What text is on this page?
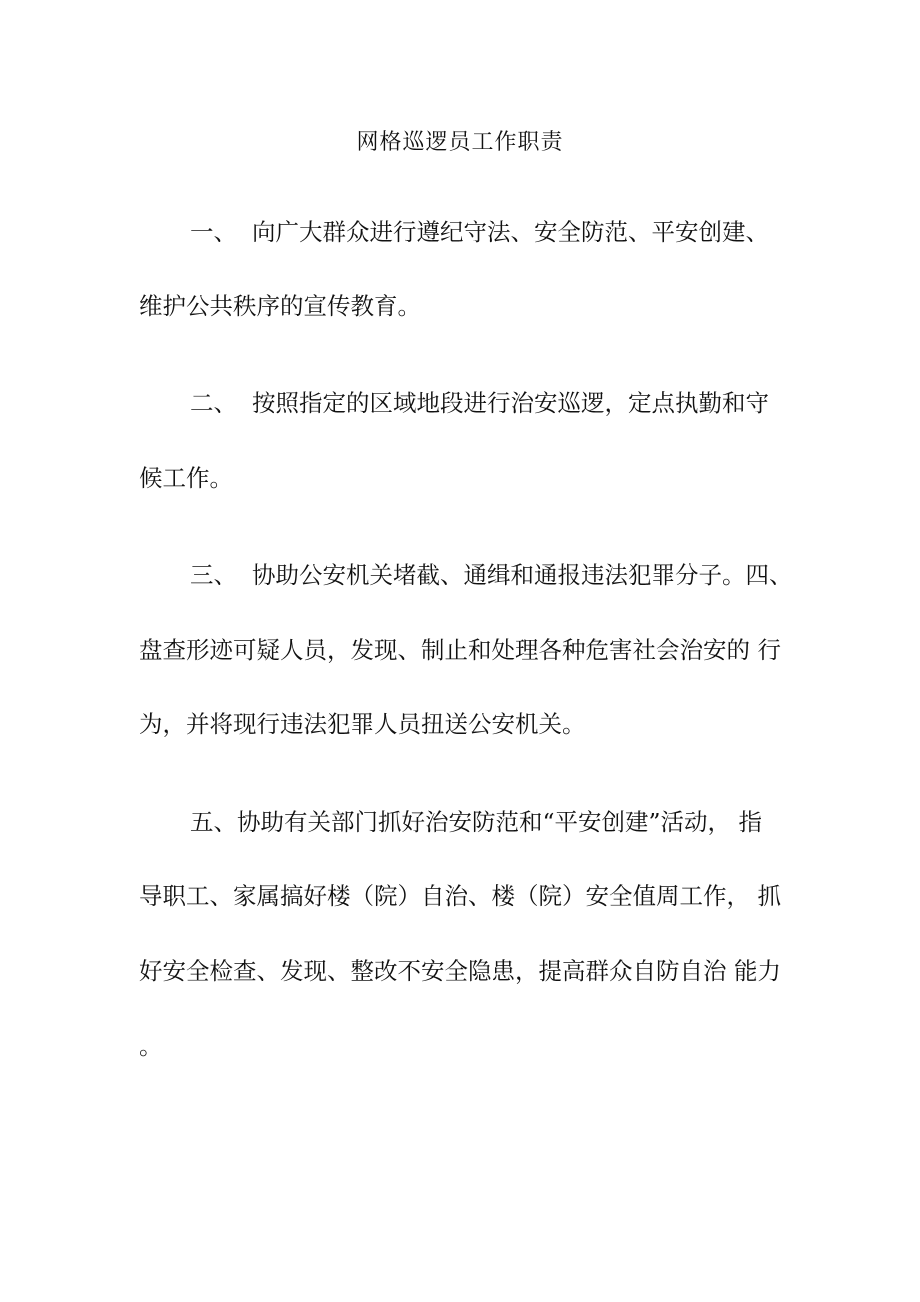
网格巡逻员工作职责
一、 向广大群众进行遵纪守法、安全防范、平安创建、
维护公共秩序的宣传教育。
二、 按照指定的区域地段进行治安巡逻，定点执勤和守
候工作。
三、 协助公安机关堵截、通缉和通报违法犯罪分子。四、
盘查形迹可疑人员，发现、制止和处理各种危害社会治安的 行
为，并将现行违法犯罪人员扭送公安机关。
五、协助有关部门抓好治安防范和“平安创建”活动， 指
导职工、家属搞好楼（院）自治、楼（院）安全值周工作， 抓
好安全检查、发现、整改不安全隐患，提高群众自防自治 能力
。
